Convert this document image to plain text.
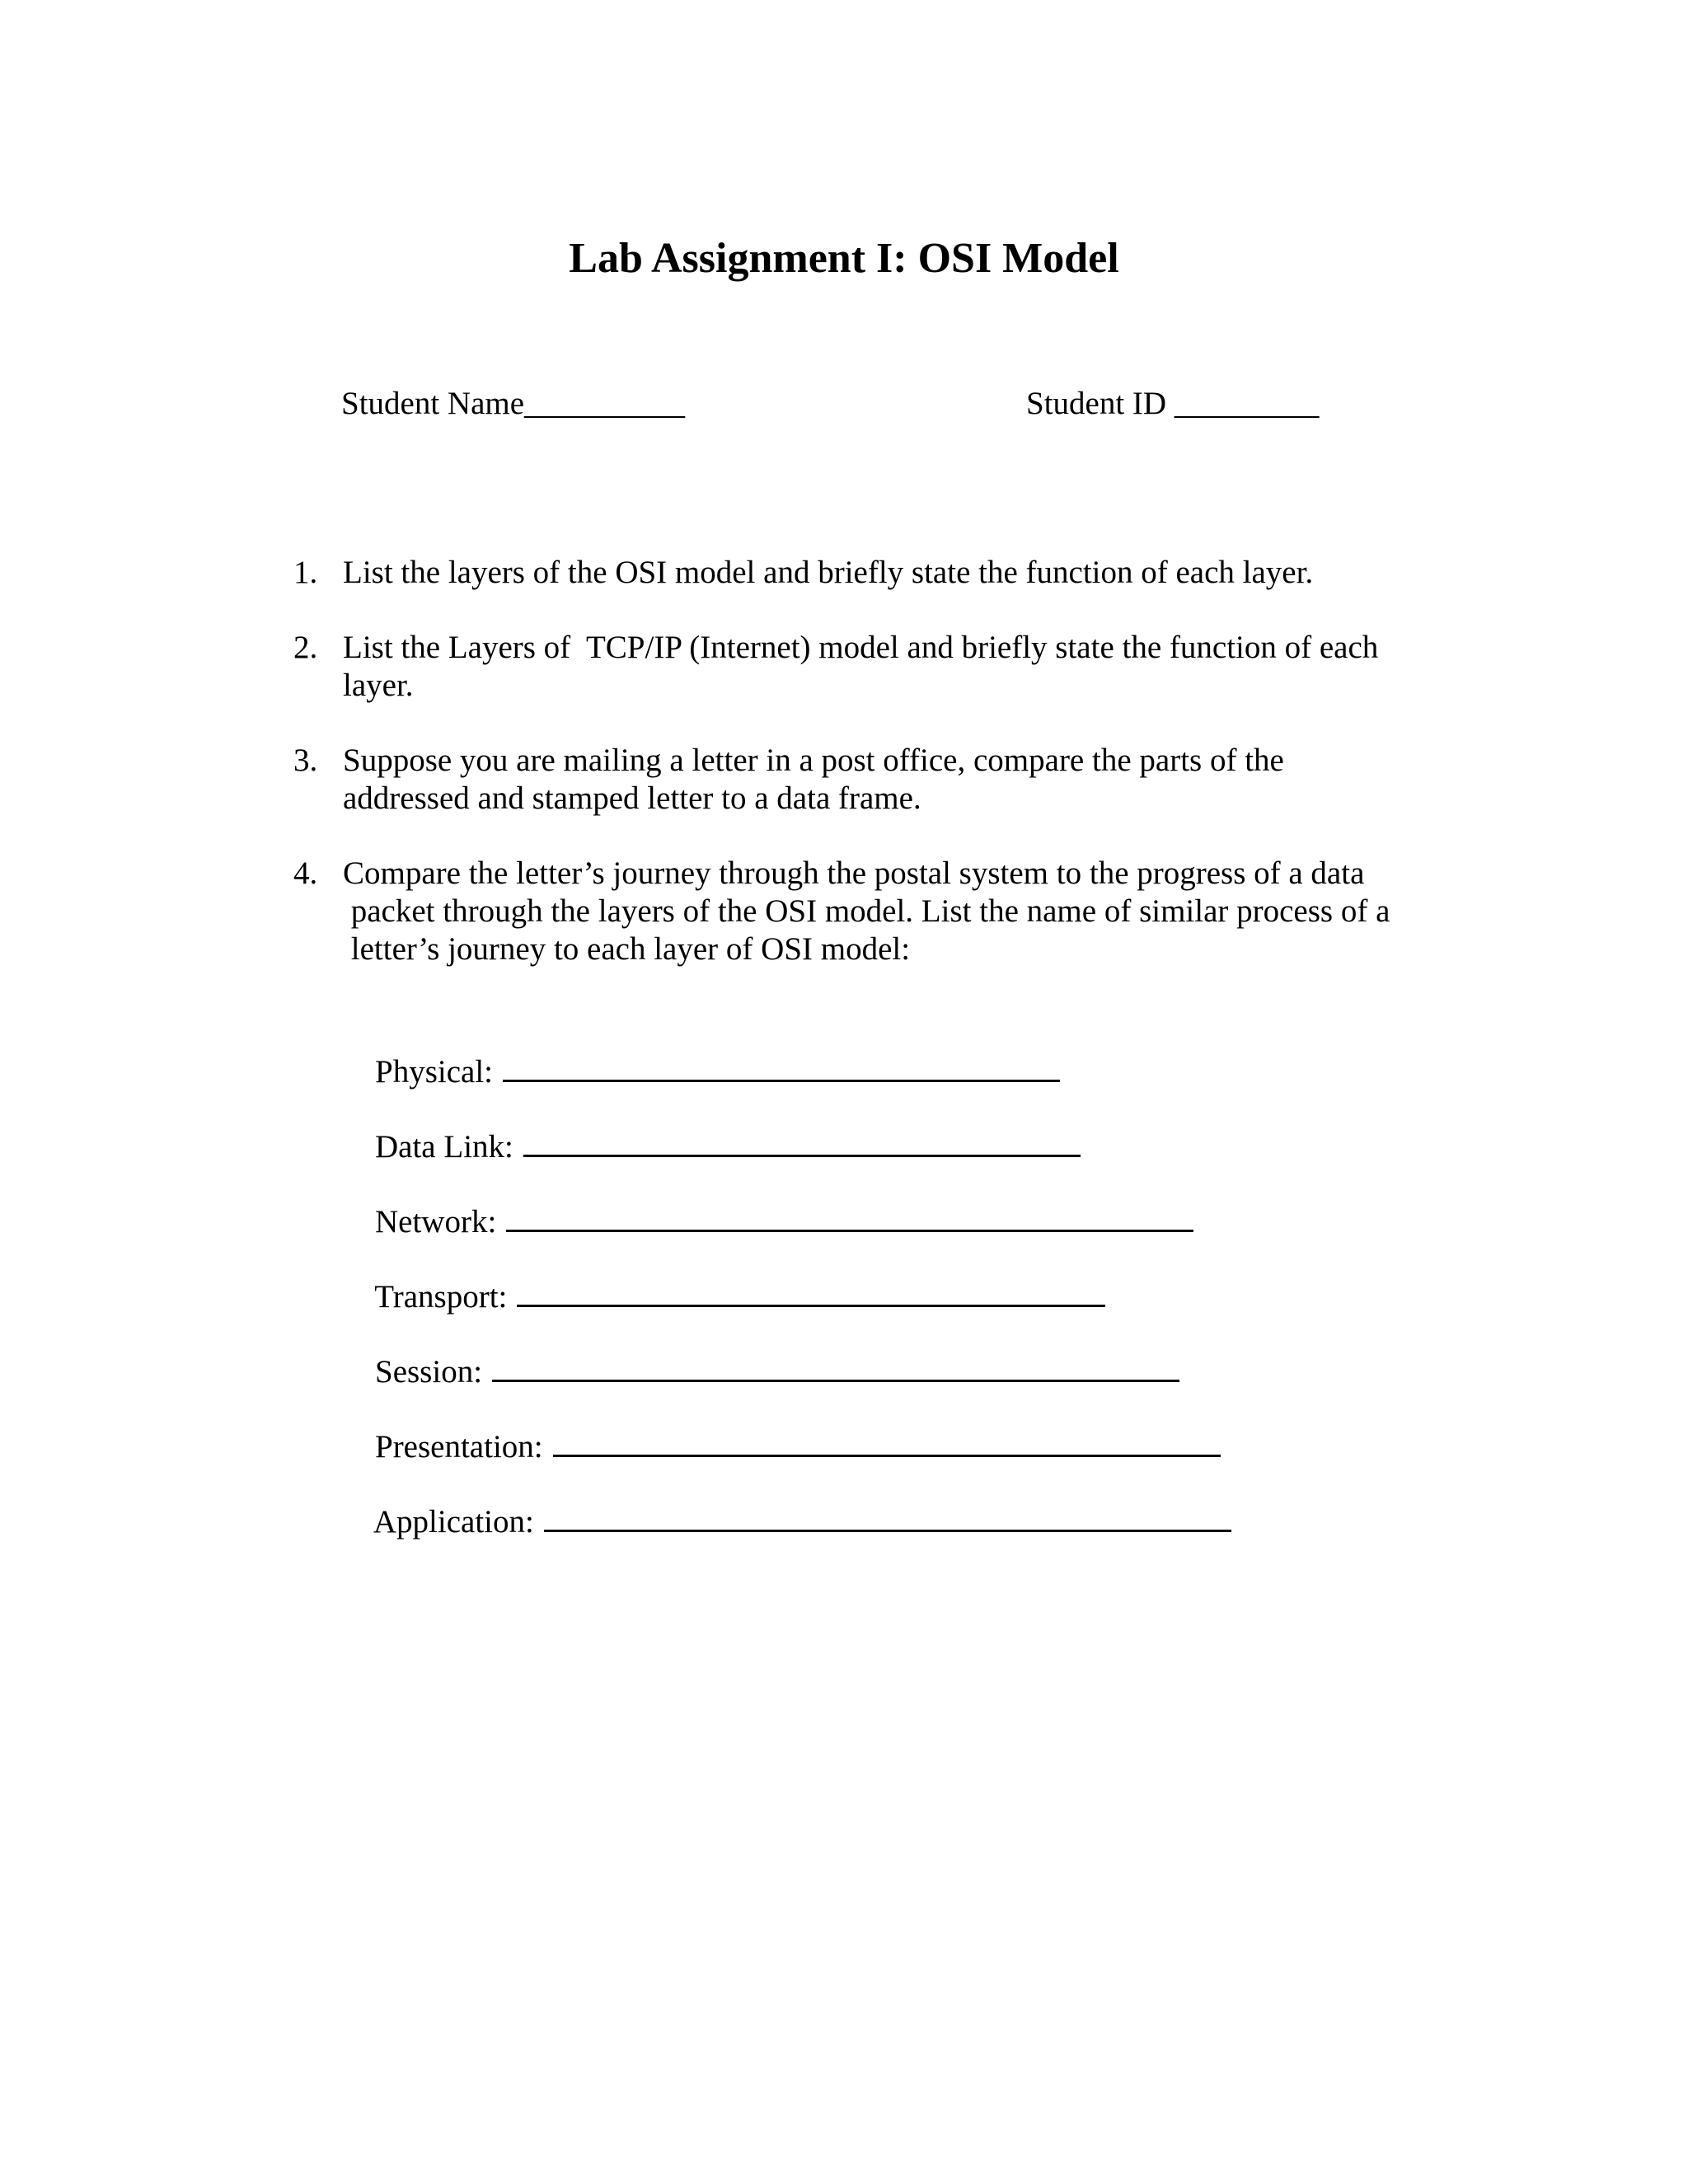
Lab Assignment I: OSI Model
Student Name__________	Student ID _________

1.

List the layers of the OSI model and briefly state the function of each layer.

2.

List the Layers of  TCP/IP (Internet) model and briefly state the function of each

layer.

3.

Suppose you are mailing a letter in a post office, compare the parts of the

addressed and stamped letter to a data frame.

4.

Compare the letter’s journey through the postal system to the progress of a data

packet through the layers of the OSI model. List the name of similar process of a

letter’s journey to each layer of OSI model:

Physical:

Data Link:

Network:

Transport:

Session:

Presentation:

Application:
